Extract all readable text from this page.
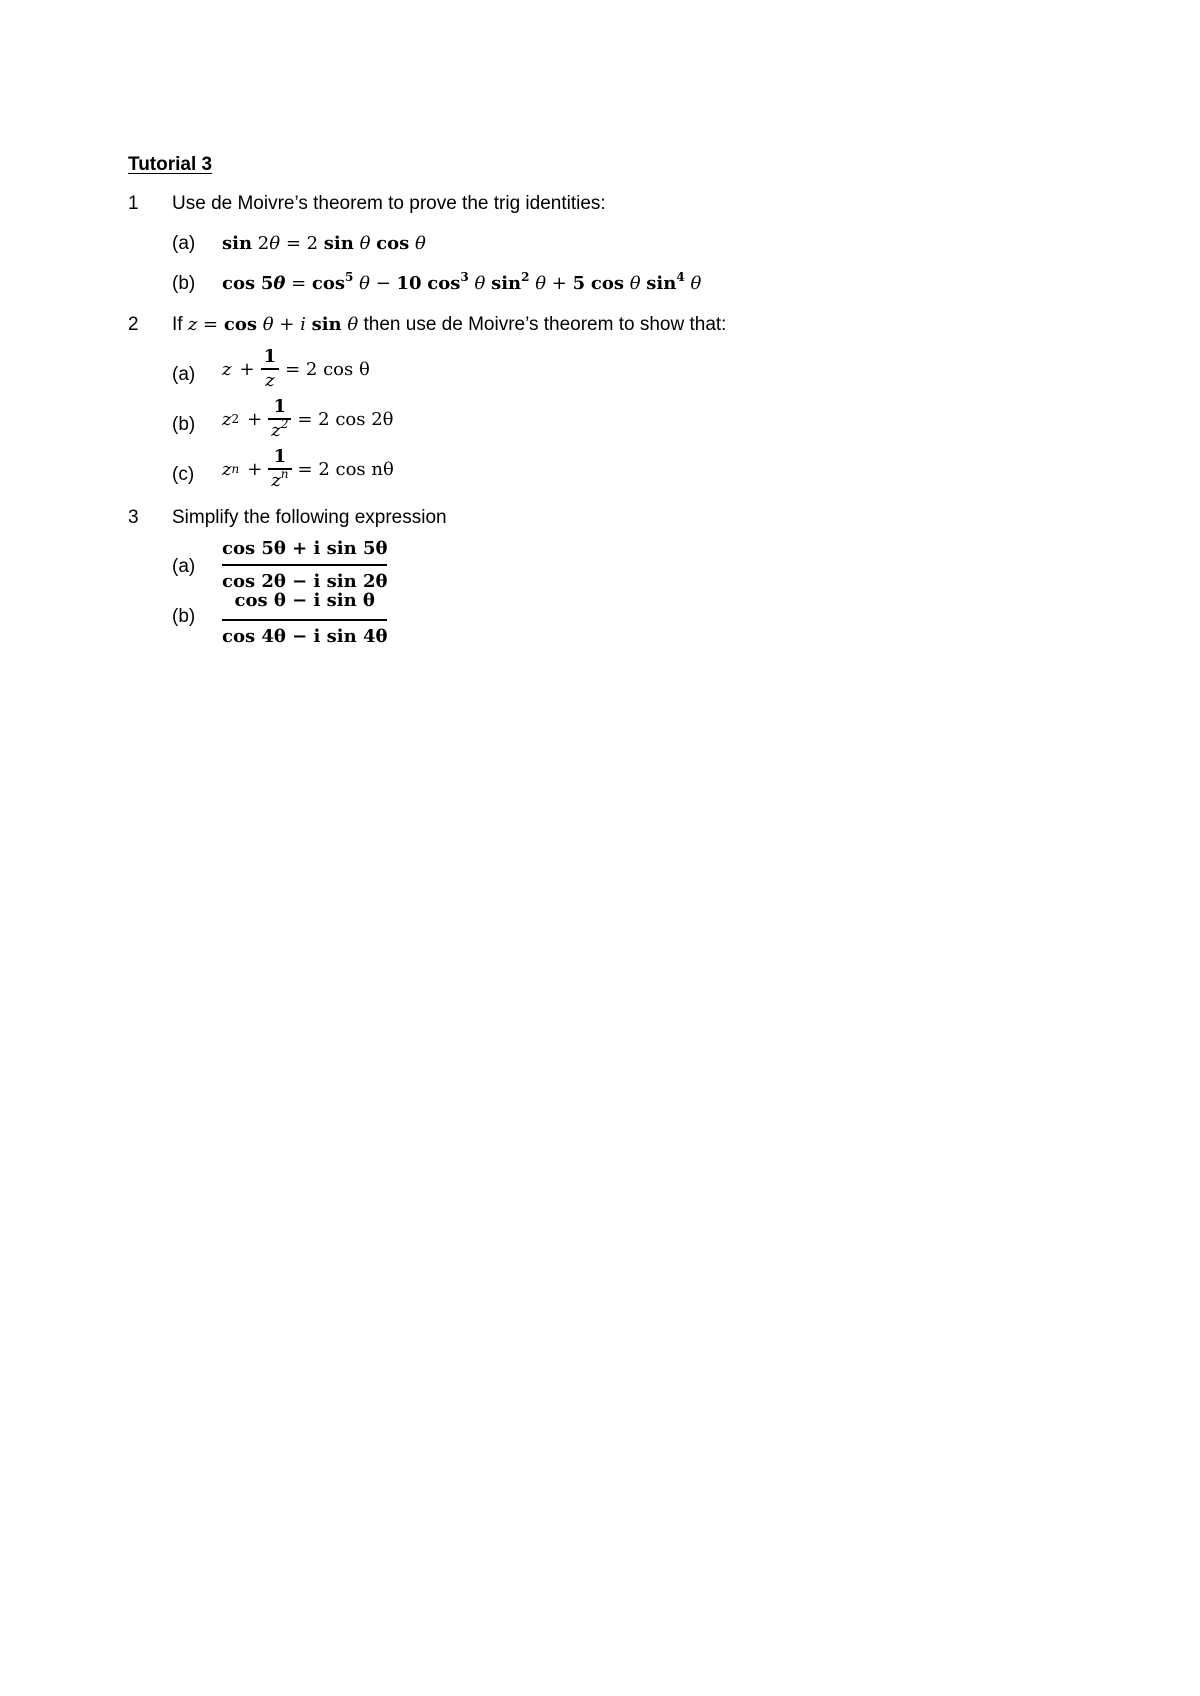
Tutorial 3
1 Use de Moivre’s theorem to prove the trig identities:
(a) sin 2θ = 2 sin θ cos θ
(b) $\cos 5\theta = \cos^5 \theta - 10$ $\cos^3 \theta$ $\sin^2 \theta + 5$ cos θ $\sin^4 \theta$
2 If z = cos θ + i sin θ then use de Moivre’s theorem to show that:
(a) $z + \frac{1}{z} = 2$ cos θ
(b) z $2 + \frac{1}{z^2} = 2$ cos 2θ
(c) z $n + \frac{1}{z^n} = 2$ cos nθ
3 Simplify the following expression
(a)
cos 5θ + i sin 5θ
cos 2θ − i sin 2θ
(b)
cos θ − i sin θ
cos 4θ − i sin 4θ
